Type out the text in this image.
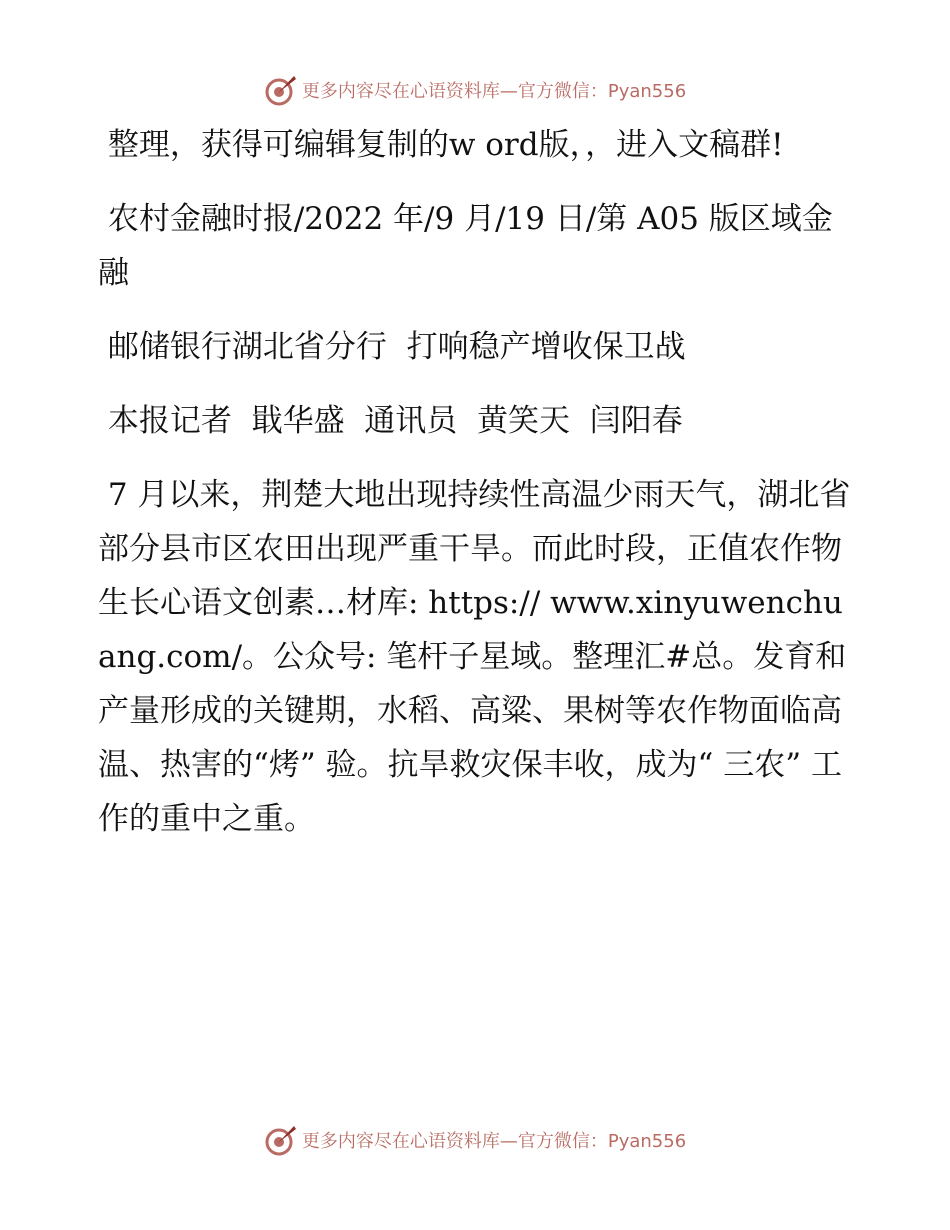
更多内容尽在心语资料库—官方微信：Pyan556

整理，获得可编辑复制的w ord版，，进入文稿群!

农村金融时报/2022 年/9 月/19 日/第 A05 版区域金融

邮储银行湖北省分行  打响稳产增收保卫战

本报记者  戢华盛  通讯员  黄笑天  闫阳春

7 月以来，荆楚大地出现持续性高温少雨天气，湖北省部分县市区农田出现严重干旱。而此时段，正值农作物生长心语文创素…材库: https:// www.xinyuwenchuang.com/。公众号: 笔杆子星域。整理汇#总。发育和产量形成的关键期，水稻、高粱、果树等农作物面临高温、热害的“烤” 验。抗旱救灾保丰收，成为“ 三农” 工作的重中之重。

更多内容尽在心语资料库—官方微信：Pyan556
